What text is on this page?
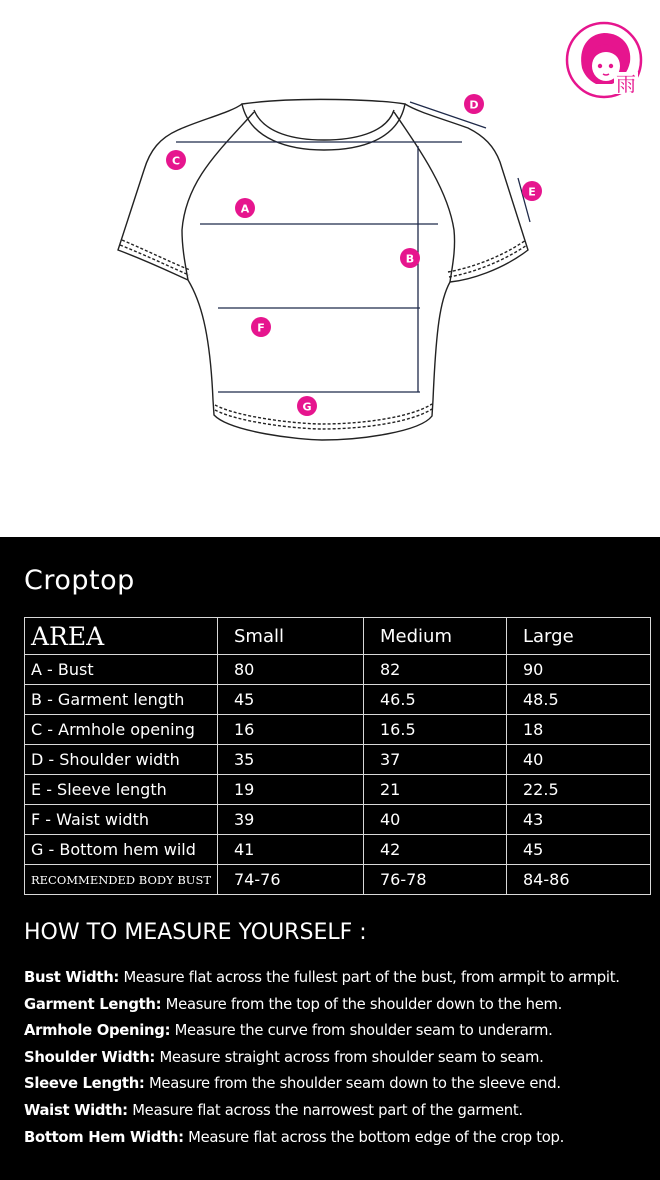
雨
C
A
B
D
E
F
G
Croptop
AREA	Small	Medium	Large
A - Bust	80	82	90
B - Garment length	45	46.5	48.5
C - Armhole opening	16	16.5	18
D - Shoulder width	35	37	40
E - Sleeve length	19	21	22.5
F - Waist width	39	40	43
G - Bottom hem wild	41	42	45
RECOMMENDED BODY BUST	74-76	76-78	84-86
HOW TO MEASURE YOURSELF :
Bust Width: Measure flat across the fullest part of the bust, from armpit to armpit.
Garment Length: Measure from the top of the shoulder down to the hem.
Armhole Opening: Measure the curve from shoulder seam to underarm.
Shoulder Width: Measure straight across from shoulder seam to seam.
Sleeve Length: Measure from the shoulder seam down to the sleeve end.
Waist Width: Measure flat across the narrowest part of the garment.
Bottom Hem Width: Measure flat across the bottom edge of the crop top.
